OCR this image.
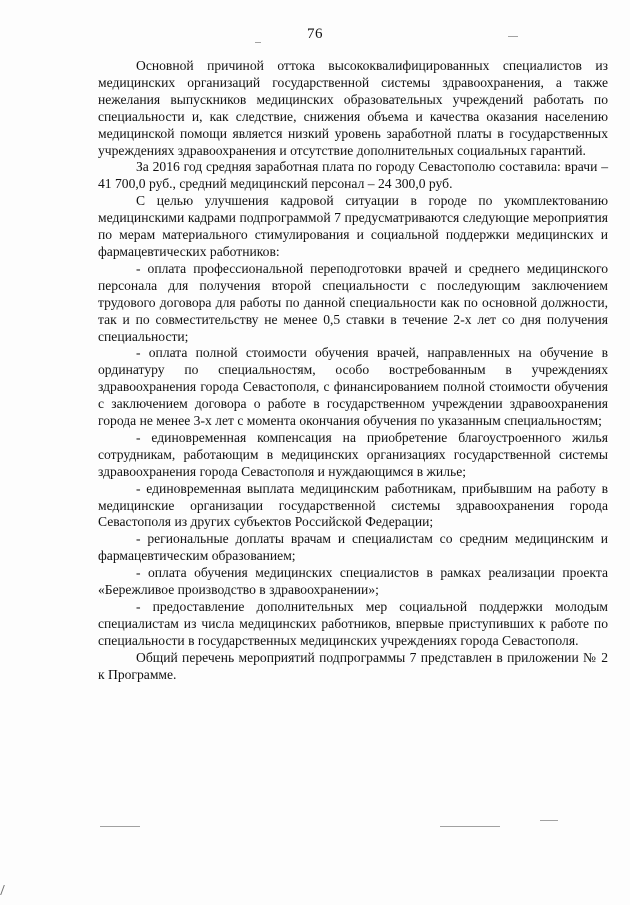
76

Основной причиной оттока высококвалифицированных специалистов из медицинских организаций государственной системы здравоохранения, а также нежелания выпускников медицинских образовательных учреждений работать по специальности и, как следствие, снижения объема и качества оказания населению медицинской помощи является низкий уровень заработной платы в государственных учреждениях здравоохранения и отсутствие дополнительных социальных гарантий.

За 2016 год средняя заработная плата по городу Севастополю составила: врачи – 41 700,0 руб., средний медицинский персонал – 24 300,0 руб.

С целью улучшения кадровой ситуации в городе по укомплектованию медицинскими кадрами подпрограммой 7 предусматриваются следующие мероприятия по мерам материального стимулирования и социальной поддержки медицинских и фармацевтических работников:

- оплата профессиональной переподготовки врачей и среднего медицинского персонала для получения второй специальности с последующим заключением трудового договора для работы по данной специальности как по основной должности, так и по совместительству не менее 0,5 ставки в течение 2-х лет со дня получения специальности;

- оплата полной стоимости обучения врачей, направленных на обучение в ординатуру по специальностям, особо востребованным в учреждениях здравоохранения города Севастополя, с финансированием полной стоимости обучения с заключением договора о работе в государственном учреждении здравоохранения города не менее 3-х лет с момента окончания обучения по указанным специальностям;

- единовременная компенсация на приобретение благоустроенного жилья сотрудникам, работающим в медицинских организациях государственной системы здравоохранения города Севастополя и нуждающимся в жилье;

- единовременная выплата медицинским работникам, прибывшим на работу в медицинские организации государственной системы здравоохранения города Севастополя из других субъектов Российской Федерации;

- региональные доплаты врачам и специалистам со средним медицинским и фармацевтическим образованием;

- оплата обучения медицинских специалистов в рамках реализации проекта «Бережливое производство в здравоохранении»;

- предоставление дополнительных мер социальной поддержки молодым специалистам из числа медицинских работников, впервые приступивших к работе по специальности в государственных медицинских учреждениях города Севастополя.

Общий перечень мероприятий подпрограммы 7 представлен в приложении № 2 к Программе.
